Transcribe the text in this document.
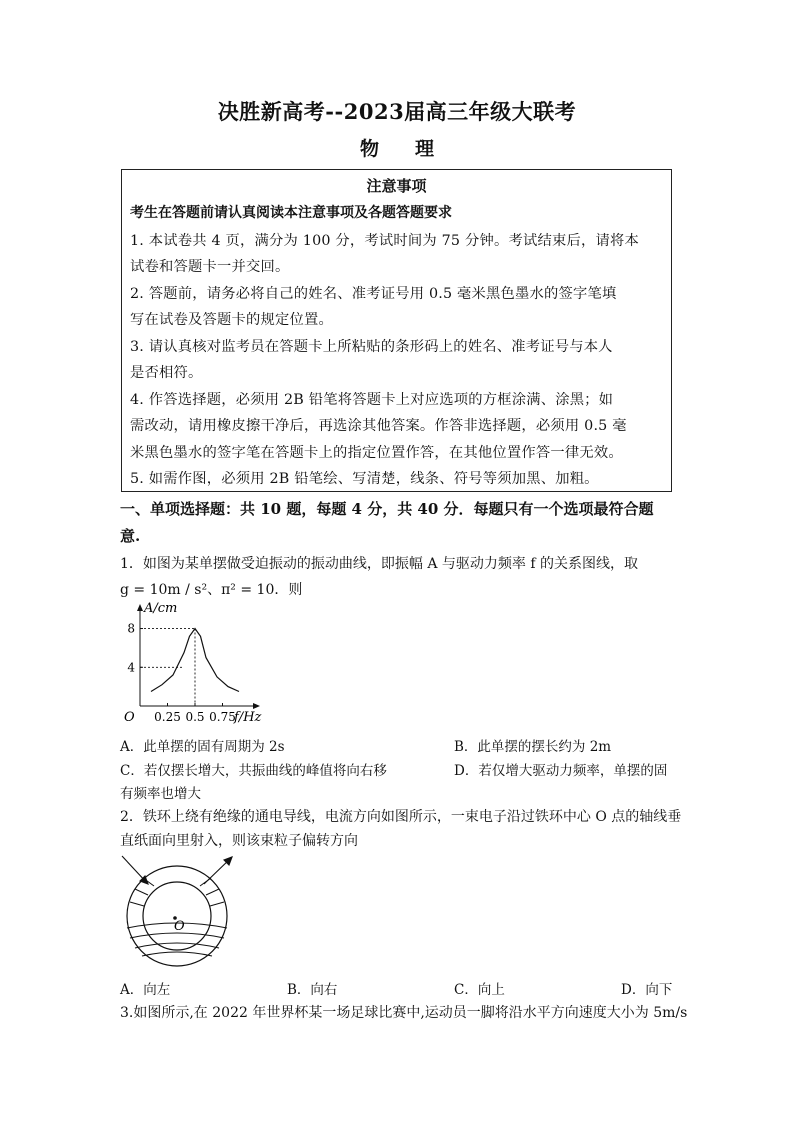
决胜新高考--2023届高三年级大联考
物 理
注意事项
考生在答题前请认真阅读本注意事项及各题答题要求
1. 本试卷共 4 页，满分为 100 分，考试时间为 75 分钟。考试结束后，请将本
试卷和答题卡一并交回。
2. 答题前，请务必将自己的姓名、准考证号用 0.5 毫米黑色墨水的签字笔填
写在试卷及答题卡的规定位置。
3. 请认真核对监考员在答题卡上所粘贴的条形码上的姓名、准考证号与本人
是否相符。
4. 作答选择题，必须用 2B 铅笔将答题卡上对应选项的方框涂满、涂黑；如
需改动，请用橡皮擦干净后，再选涂其他答案。作答非选择题，必须用 0.5 毫
米黑色墨水的签字笔在答题卡上的指定位置作答，在其他位置作答一律无效。
5. 如需作图，必须用 2B 铅笔绘、写清楚，线条、符号等须加黑、加粗。
一、单项选择题：共 10 题，每题 4 分，共 40 分．每题只有一个选项最符合题
意.
1．如图为某单摆做受迫振动的振动曲线，即振幅 A 与驱动力频率 f 的关系图线，取
g = 10m / s²、π² = 10．则
A/cm
f/Hz
O 0.25 0.5 0.75
4
8
A．此单摆的固有周期为 2s	B．此单摆的摆长约为 2m
C．若仅摆长增大，共振曲线的峰值将向右移	D．若仅增大驱动力频率，单摆的固
有频率也增大
2．铁环上绕有绝缘的通电导线，电流方向如图所示，一束电子沿过铁环中心 O 点的轴线垂
直纸面向里射入，则该束粒子偏转方向
O
A．向左	B．向右	C．向上	D．向下
3.如图所示,在 2022 年世界杯某一场足球比赛中,运动员一脚将沿水平方向速度大小为 5m/s
